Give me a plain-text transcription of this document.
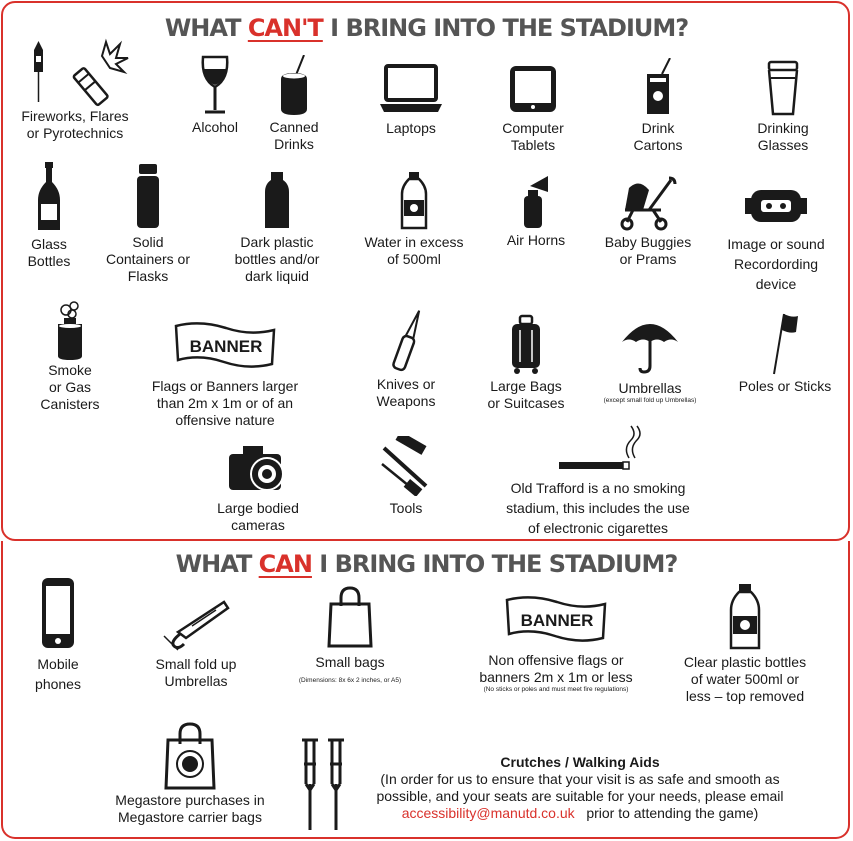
WHAT CAN'T I BRING INTO THE STADIUM?
Fireworks, Flares
or Pyrotechnics	Alcohol	Canned
Drinks
Laptops	Computer
Tablets
Drink
Cartons
Drinking
Glasses
Glass
Bottles
Solid
Containers or
Flasks
Dark plastic
bottles and/or
dark liquid
Water in excess
of 500ml
Air Horns	Baby Buggies
or Prams
Image or sound
Recordording
device
Smoke
or Gas
Canisters
BANNER
Flags or Banners larger
than 2m x 1m or of an
offensive nature
Knives or
Weapons
Large Bags
or Suitcases
Umbrellas
(except small fold up Umbrellas)
Poles or Sticks
Large bodied
cameras
Tools
Old Trafford is a no smoking
stadium, this includes the use
of electronic cigarettes
WHAT CAN I BRING INTO THE STADIUM?
Mobile
phones
Small fold up
Umbrellas
Small bags
(Dimensions: 8x 6x 2 inches, or A5)
BANNER
Non offensive flags or
banners 2m x 1m or less
(No sticks or poles and must meet fire regulations)
Clear plastic bottles
of water 500ml or
less – top removed
Megastore purchases in
Megastore carrier bags
Crutches / Walking Aids
(In order for us to ensure that your visit is as safe and smooth as
possible, and your seats are suitable for your needs, please email
accessibility@manutd.co.uk prior to attending the game)
